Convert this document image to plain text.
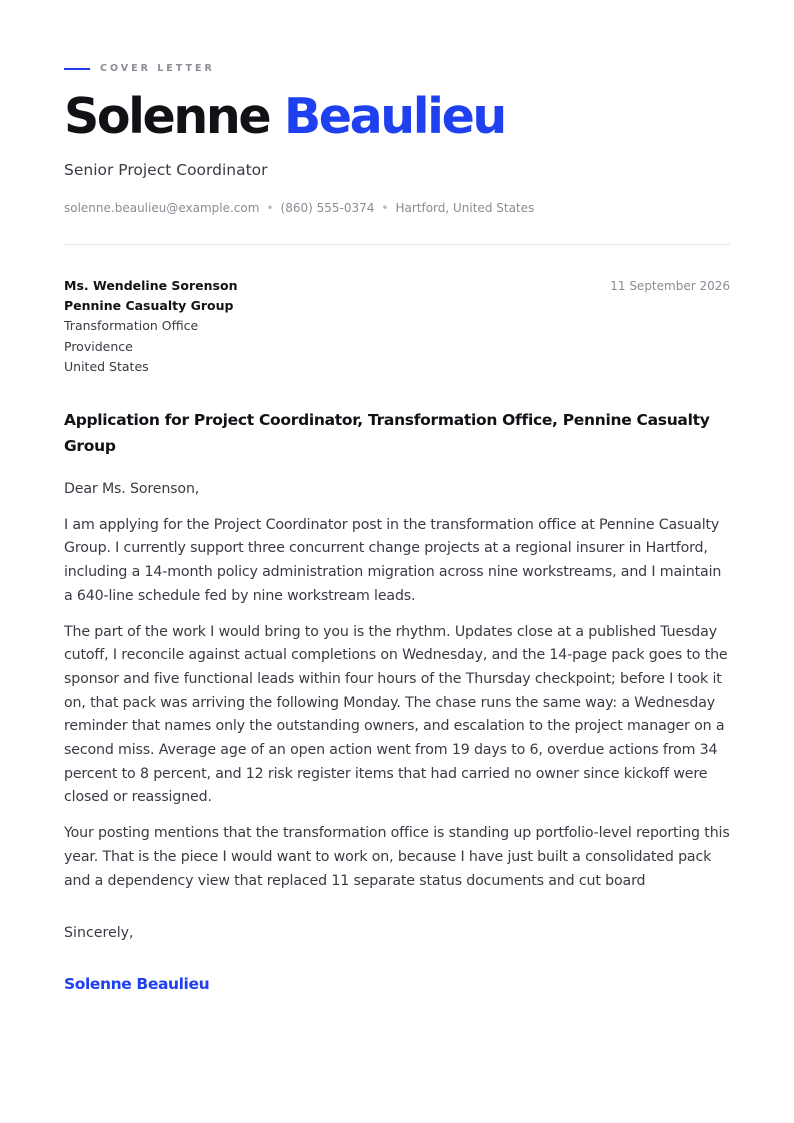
COVER LETTER
Solenne Beaulieu
Senior Project Coordinator
solenne.beaulieu@example.com • (860) 555-0374 • Hartford, United States
Ms. Wendeline Sorenson
Pennine Casualty Group
Transformation Office
Providence
United States
11 September 2026
Application for Project Coordinator, Transformation Office, Pennine Casualty Group

Dear Ms. Sorenson,

I am applying for the Project Coordinator post in the transformation office at Pennine Casualty Group. I currently support three concurrent change projects at a regional insurer in Hartford, including a 14-month policy administration migration across nine workstreams, and I maintain a 640-line schedule fed by nine workstream leads.

The part of the work I would bring to you is the rhythm. Updates close at a published Tuesday cutoff, I reconcile against actual completions on Wednesday, and the 14-page pack goes to the sponsor and five functional leads within four hours of the Thursday checkpoint; before I took it on, that pack was arriving the following Monday. The chase runs the same way: a Wednesday reminder that names only the outstanding owners, and escalation to the project manager on a second miss. Average age of an open action went from 19 days to 6, overdue actions from 34 percent to 8 percent, and 12 risk register items that had carried no owner since kickoff were closed or reassigned.

Your posting mentions that the transformation office is standing up portfolio-level reporting this year. That is the piece I would want to work on, because I have just built a consolidated pack and a dependency view that replaced 11 separate status documents and cut board

Sincerely,
Solenne Beaulieu
